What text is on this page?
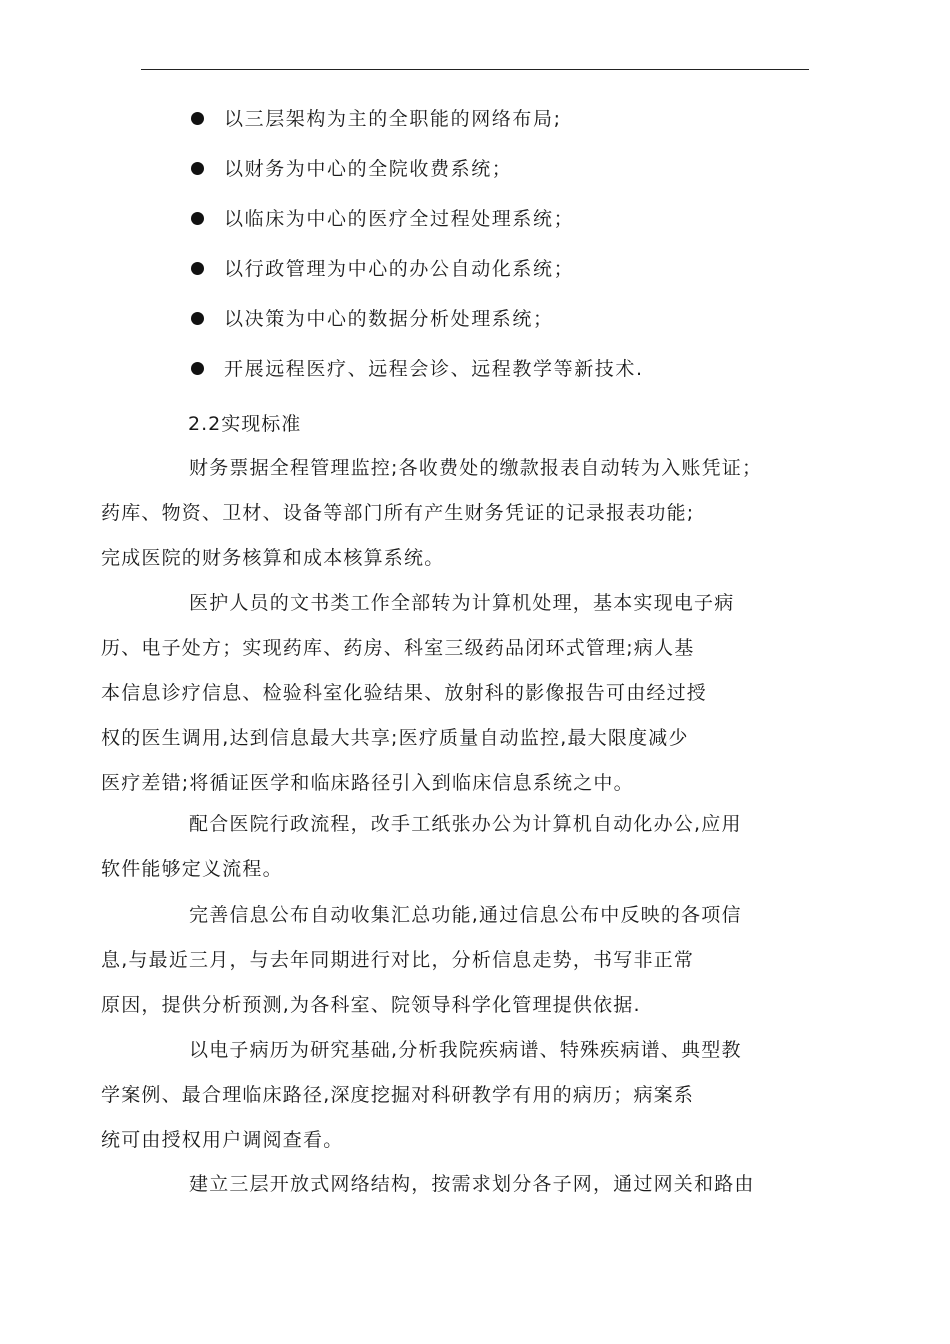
以三层架构为主的全职能的网络布局;
以财务为中心的全院收费系统；
以临床为中心的医疗全过程处理系统；
以行政管理为中心的办公自动化系统；
以决策为中心的数据分析处理系统；
开展远程医疗、远程会诊、远程教学等新技术.
2.2实现标准

财务票据全程管理监控;各收费处的缴款报表自动转为入账凭证；
药库、物资、卫材、设备等部门所有产生财务凭证的记录报表功能;
完成医院的财务核算和成本核算系统。

医护人员的文书类工作全部转为计算机处理，基本实现电子病
历、电子处方；实现药库、药房、科室三级药品闭环式管理;病人基
本信息诊疗信息、检验科室化验结果、放射科的影像报告可由经过授
权的医生调用,达到信息最大共享;医疗质量自动监控,最大限度减少
医疗差错;将循证医学和临床路径引入到临床信息系统之中。

配合医院行政流程，改手工纸张办公为计算机自动化办公,应用
软件能够定义流程。

完善信息公布自动收集汇总功能,通过信息公布中反映的各项信
息,与最近三月，与去年同期进行对比，分析信息走势，书写非正常
原因，提供分析预测,为各科室、院领导科学化管理提供依据.

以电子病历为研究基础,分析我院疾病谱、特殊疾病谱、典型教
学案例、最合理临床路径,深度挖掘对科研教学有用的病历；病案系
统可由授权用户调阅查看。

建立三层开放式网络结构，按需求划分各子网，通过网关和路由
